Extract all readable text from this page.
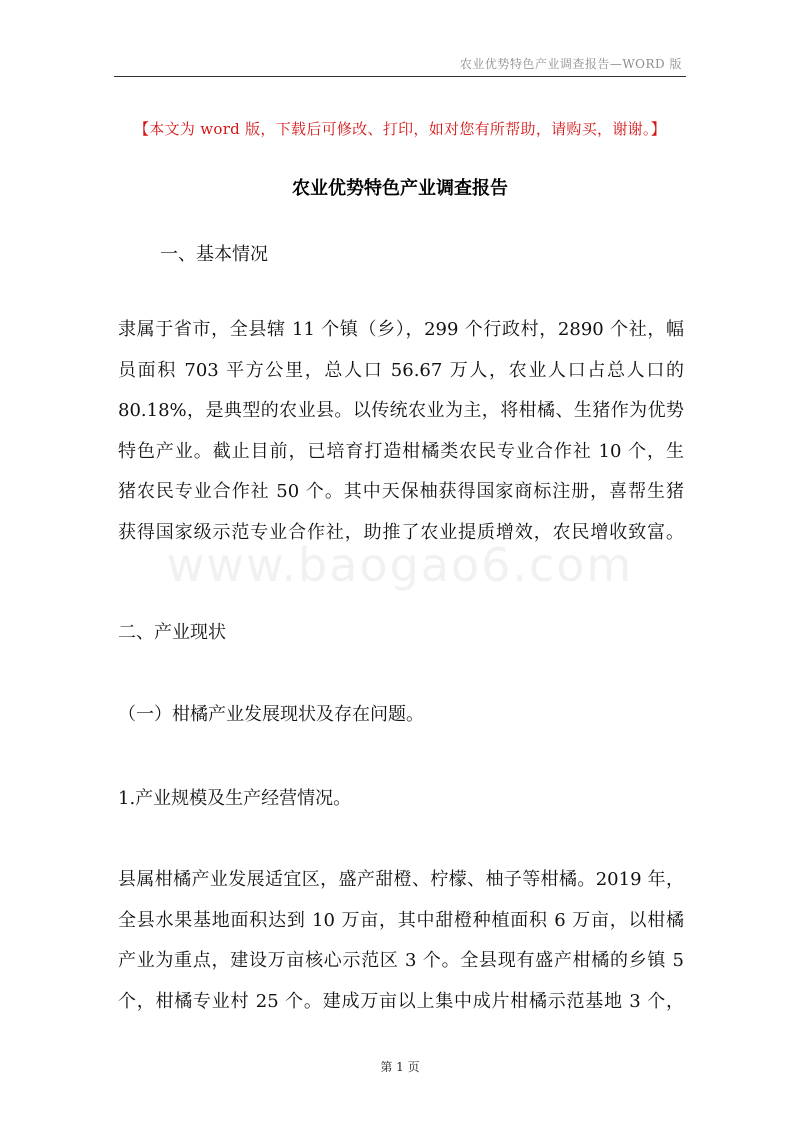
农业优势特色产业调查报告—WORD 版
【本文为 word 版，下载后可修改、打印，如对您有所帮助，请购买，谢谢。】
农业优势特色产业调查报告
一、基本情况
隶属于省市，全县辖 11 个镇（乡），299 个行政村，2890 个社，幅
员面积 703 平方公里，总人口 56.67 万人，农业人口占总人口的
80.18%，是典型的农业县。以传统农业为主，将柑橘、生猪作为优势
特色产业。截止目前，已培育打造柑橘类农民专业合作社 10 个，生
猪农民专业合作社 50 个。其中天保柚获得国家商标注册，喜帮生猪
获得国家级示范专业合作社，助推了农业提质增效，农民增收致富。
www.baogao6.com
二、产业现状
（一）柑橘产业发展现状及存在问题。
1.产业规模及生产经营情况。
县属柑橘产业发展适宜区，盛产甜橙、柠檬、柚子等柑橘。2019 年，
全县水果基地面积达到 10 万亩，其中甜橙种植面积 6 万亩，以柑橘
产业为重点，建设万亩核心示范区 3 个。全县现有盛产柑橘的乡镇 5
个，柑橘专业村 25 个。建成万亩以上集中成片柑橘示范基地 3 个，
第 1 页
